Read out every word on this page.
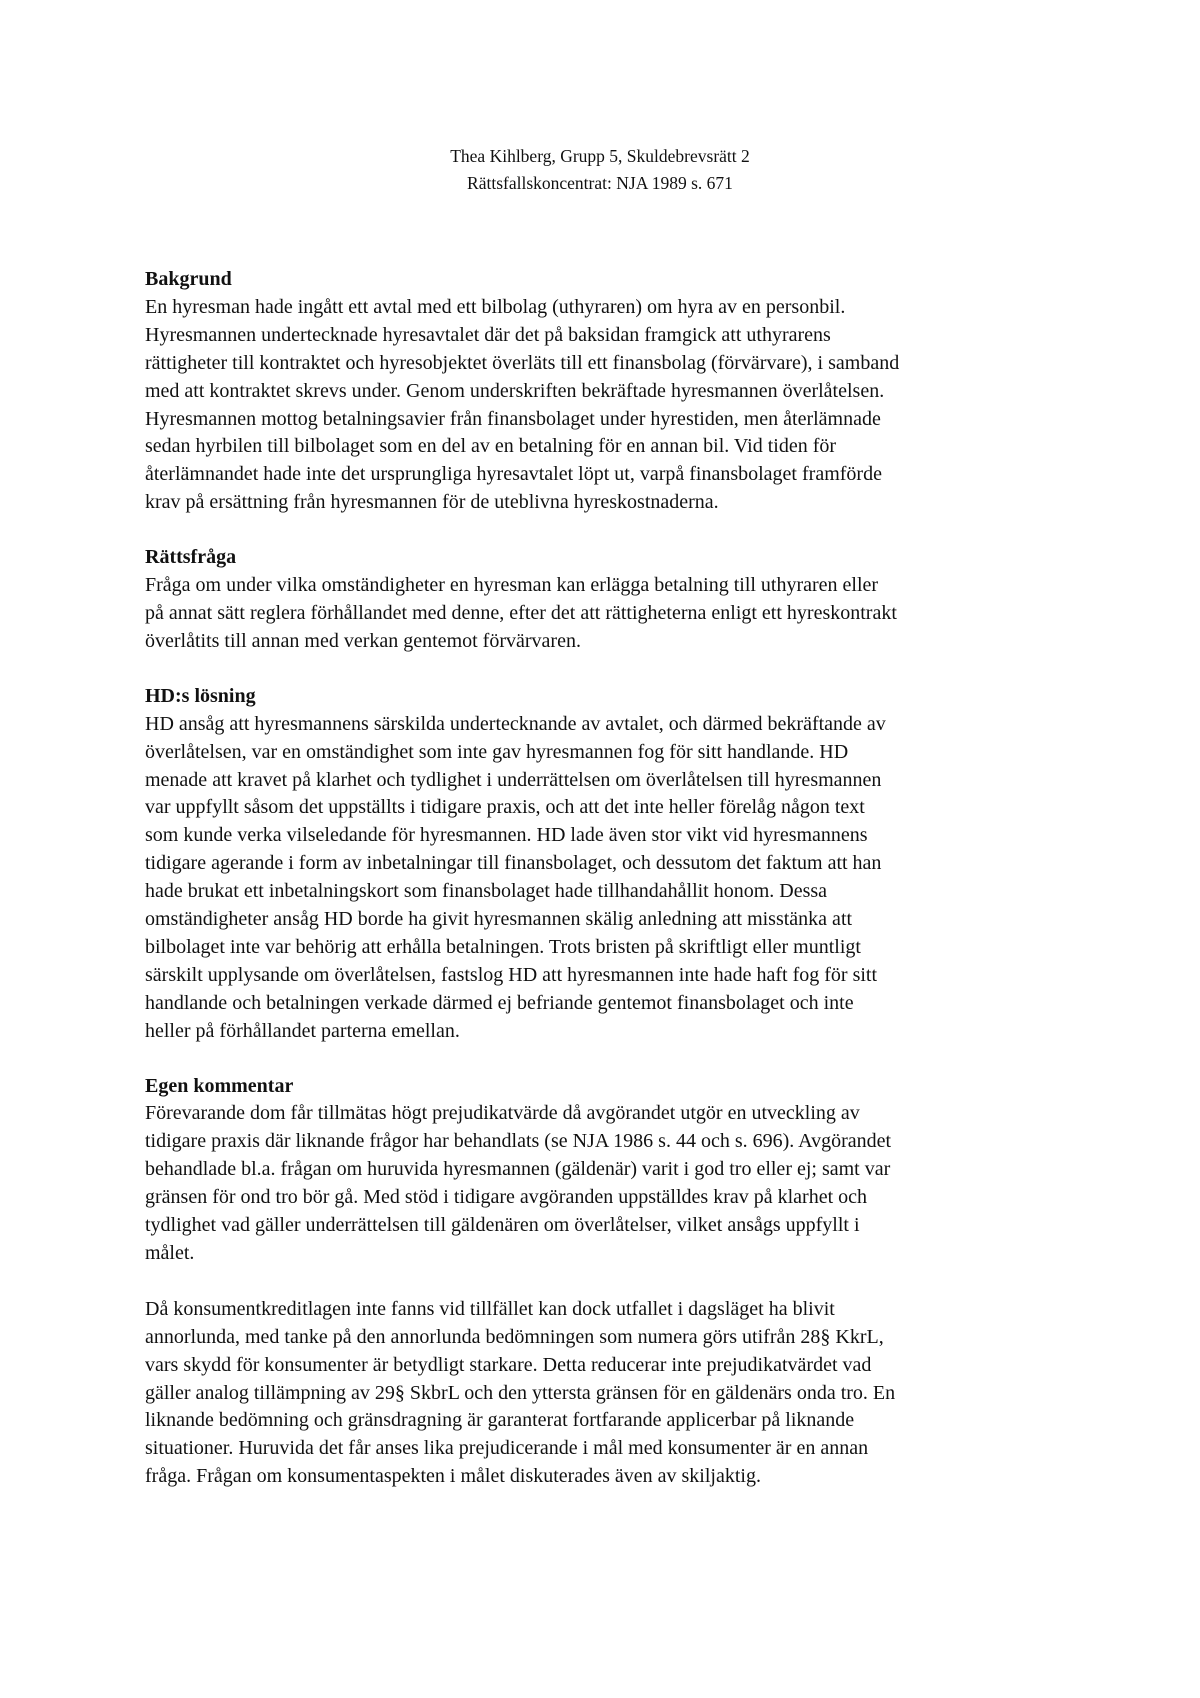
Thea Kihlberg, Grupp 5, Skuldebrevsrätt 2
Rättsfallskoncentrat: NJA 1989 s. 671
Bakgrund

En hyresman hade ingått ett avtal med ett bilbolag (uthyraren) om hyra av en personbil.
Hyresmannen undertecknade hyresavtalet där det på baksidan framgick att uthyrarens
rättigheter till kontraktet och hyresobjektet överläts till ett finansbolag (förvärvare), i samband
med att kontraktet skrevs under. Genom underskriften bekräftade hyresmannen överlåtelsen.
Hyresmannen mottog betalningsavier från finansbolaget under hyrestiden, men återlämnade
sedan hyrbilen till bilbolaget som en del av en betalning för en annan bil. Vid tiden för
återlämnandet hade inte det ursprungliga hyresavtalet löpt ut, varpå finansbolaget framförde
krav på ersättning från hyresmannen för de uteblivna hyreskostnaderna.

Rättsfråga

Fråga om under vilka omständigheter en hyresman kan erlägga betalning till uthyraren eller
på annat sätt reglera förhållandet med denne, efter det att rättigheterna enligt ett hyreskontrakt
överlåtits till annan med verkan gentemot förvärvaren.

HD:s lösning

HD ansåg att hyresmannens särskilda undertecknande av avtalet, och därmed bekräftande av
överlåtelsen, var en omständighet som inte gav hyresmannen fog för sitt handlande. HD
menade att kravet på klarhet och tydlighet i underrättelsen om överlåtelsen till hyresmannen
var uppfyllt såsom det uppställts i tidigare praxis, och att det inte heller förelåg någon text
som kunde verka vilseledande för hyresmannen. HD lade även stor vikt vid hyresmannens
tidigare agerande i form av inbetalningar till finansbolaget, och dessutom det faktum att han
hade brukat ett inbetalningskort som finansbolaget hade tillhandahållit honom. Dessa
omständigheter ansåg HD borde ha givit hyresmannen skälig anledning att misstänka att
bilbolaget inte var behörig att erhålla betalningen. Trots bristen på skriftligt eller muntligt
särskilt upplysande om överlåtelsen, fastslog HD att hyresmannen inte hade haft fog för sitt
handlande och betalningen verkade därmed ej befriande gentemot finansbolaget och inte
heller på förhållandet parterna emellan.

Egen kommentar

Förevarande dom får tillmätas högt prejudikatvärde då avgörandet utgör en utveckling av
tidigare praxis där liknande frågor har behandlats (se NJA 1986 s. 44 och s. 696). Avgörandet
behandlade bl.a. frågan om huruvida hyresmannen (gäldenär) varit i god tro eller ej; samt var
gränsen för ond tro bör gå. Med stöd i tidigare avgöranden uppställdes krav på klarhet och
tydlighet vad gäller underrättelsen till gäldenären om överlåtelser, vilket ansågs uppfyllt i
målet.

Då konsumentkreditlagen inte fanns vid tillfället kan dock utfallet i dagsläget ha blivit
annorlunda, med tanke på den annorlunda bedömningen som numera görs utifrån 28§ KkrL,
vars skydd för konsumenter är betydligt starkare. Detta reducerar inte prejudikatvärdet vad
gäller analog tillämpning av 29§ SkbrL och den yttersta gränsen för en gäldenärs onda tro. En
liknande bedömning och gränsdragning är garanterat fortfarande applicerbar på liknande
situationer. Huruvida det får anses lika prejudicerande i mål med konsumenter är en annan
fråga. Frågan om konsumentaspekten i målet diskuterades även av skiljaktig.
